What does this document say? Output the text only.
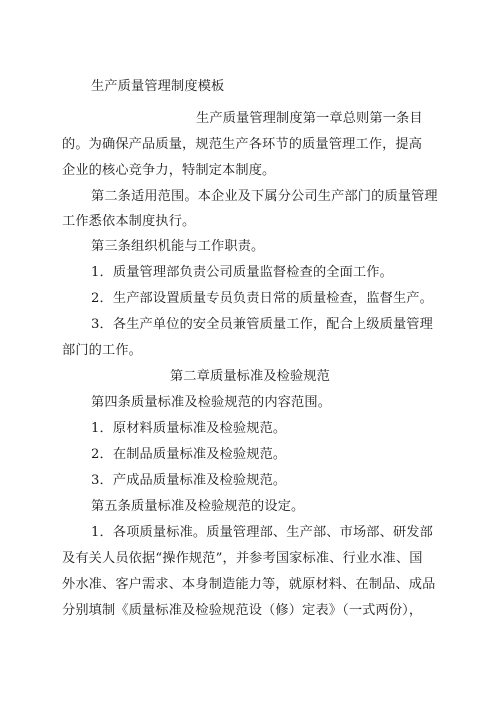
生产质量管理制度模板
生产质量管理制度第一章总则第一条目
的。为确保产品质量，规范生产各环节的质量管理工作，提高
企业的核心竞争力，特制定本制度。
第二条适用范围。本企业及下属分公司生产部门的质量管理
工作悉依本制度执行。
第三条组织机能与工作职责。
1．质量管理部负责公司质量监督检查的全面工作。
2．生产部设置质量专员负责日常的质量检查，监督生产。
3．各生产单位的安全员兼管质量工作，配合上级质量管理
部门的工作。
第二章质量标准及检验规范
第四条质量标准及检验规范的内容范围。
1．原材料质量标准及检验规范。
2．在制品质量标准及检验规范。
3．产成品质量标准及检验规范。
第五条质量标准及检验规范的设定。
1．各项质量标准。质量管理部、生产部、市场部、研发部
及有关人员依据“操作规范”，并参考国家标准、行业水准、国
外水准、客户需求、本身制造能力等，就原材料、在制品、成品
分别填制《质量标准及检验规范设（修）定表》（一式两份），
